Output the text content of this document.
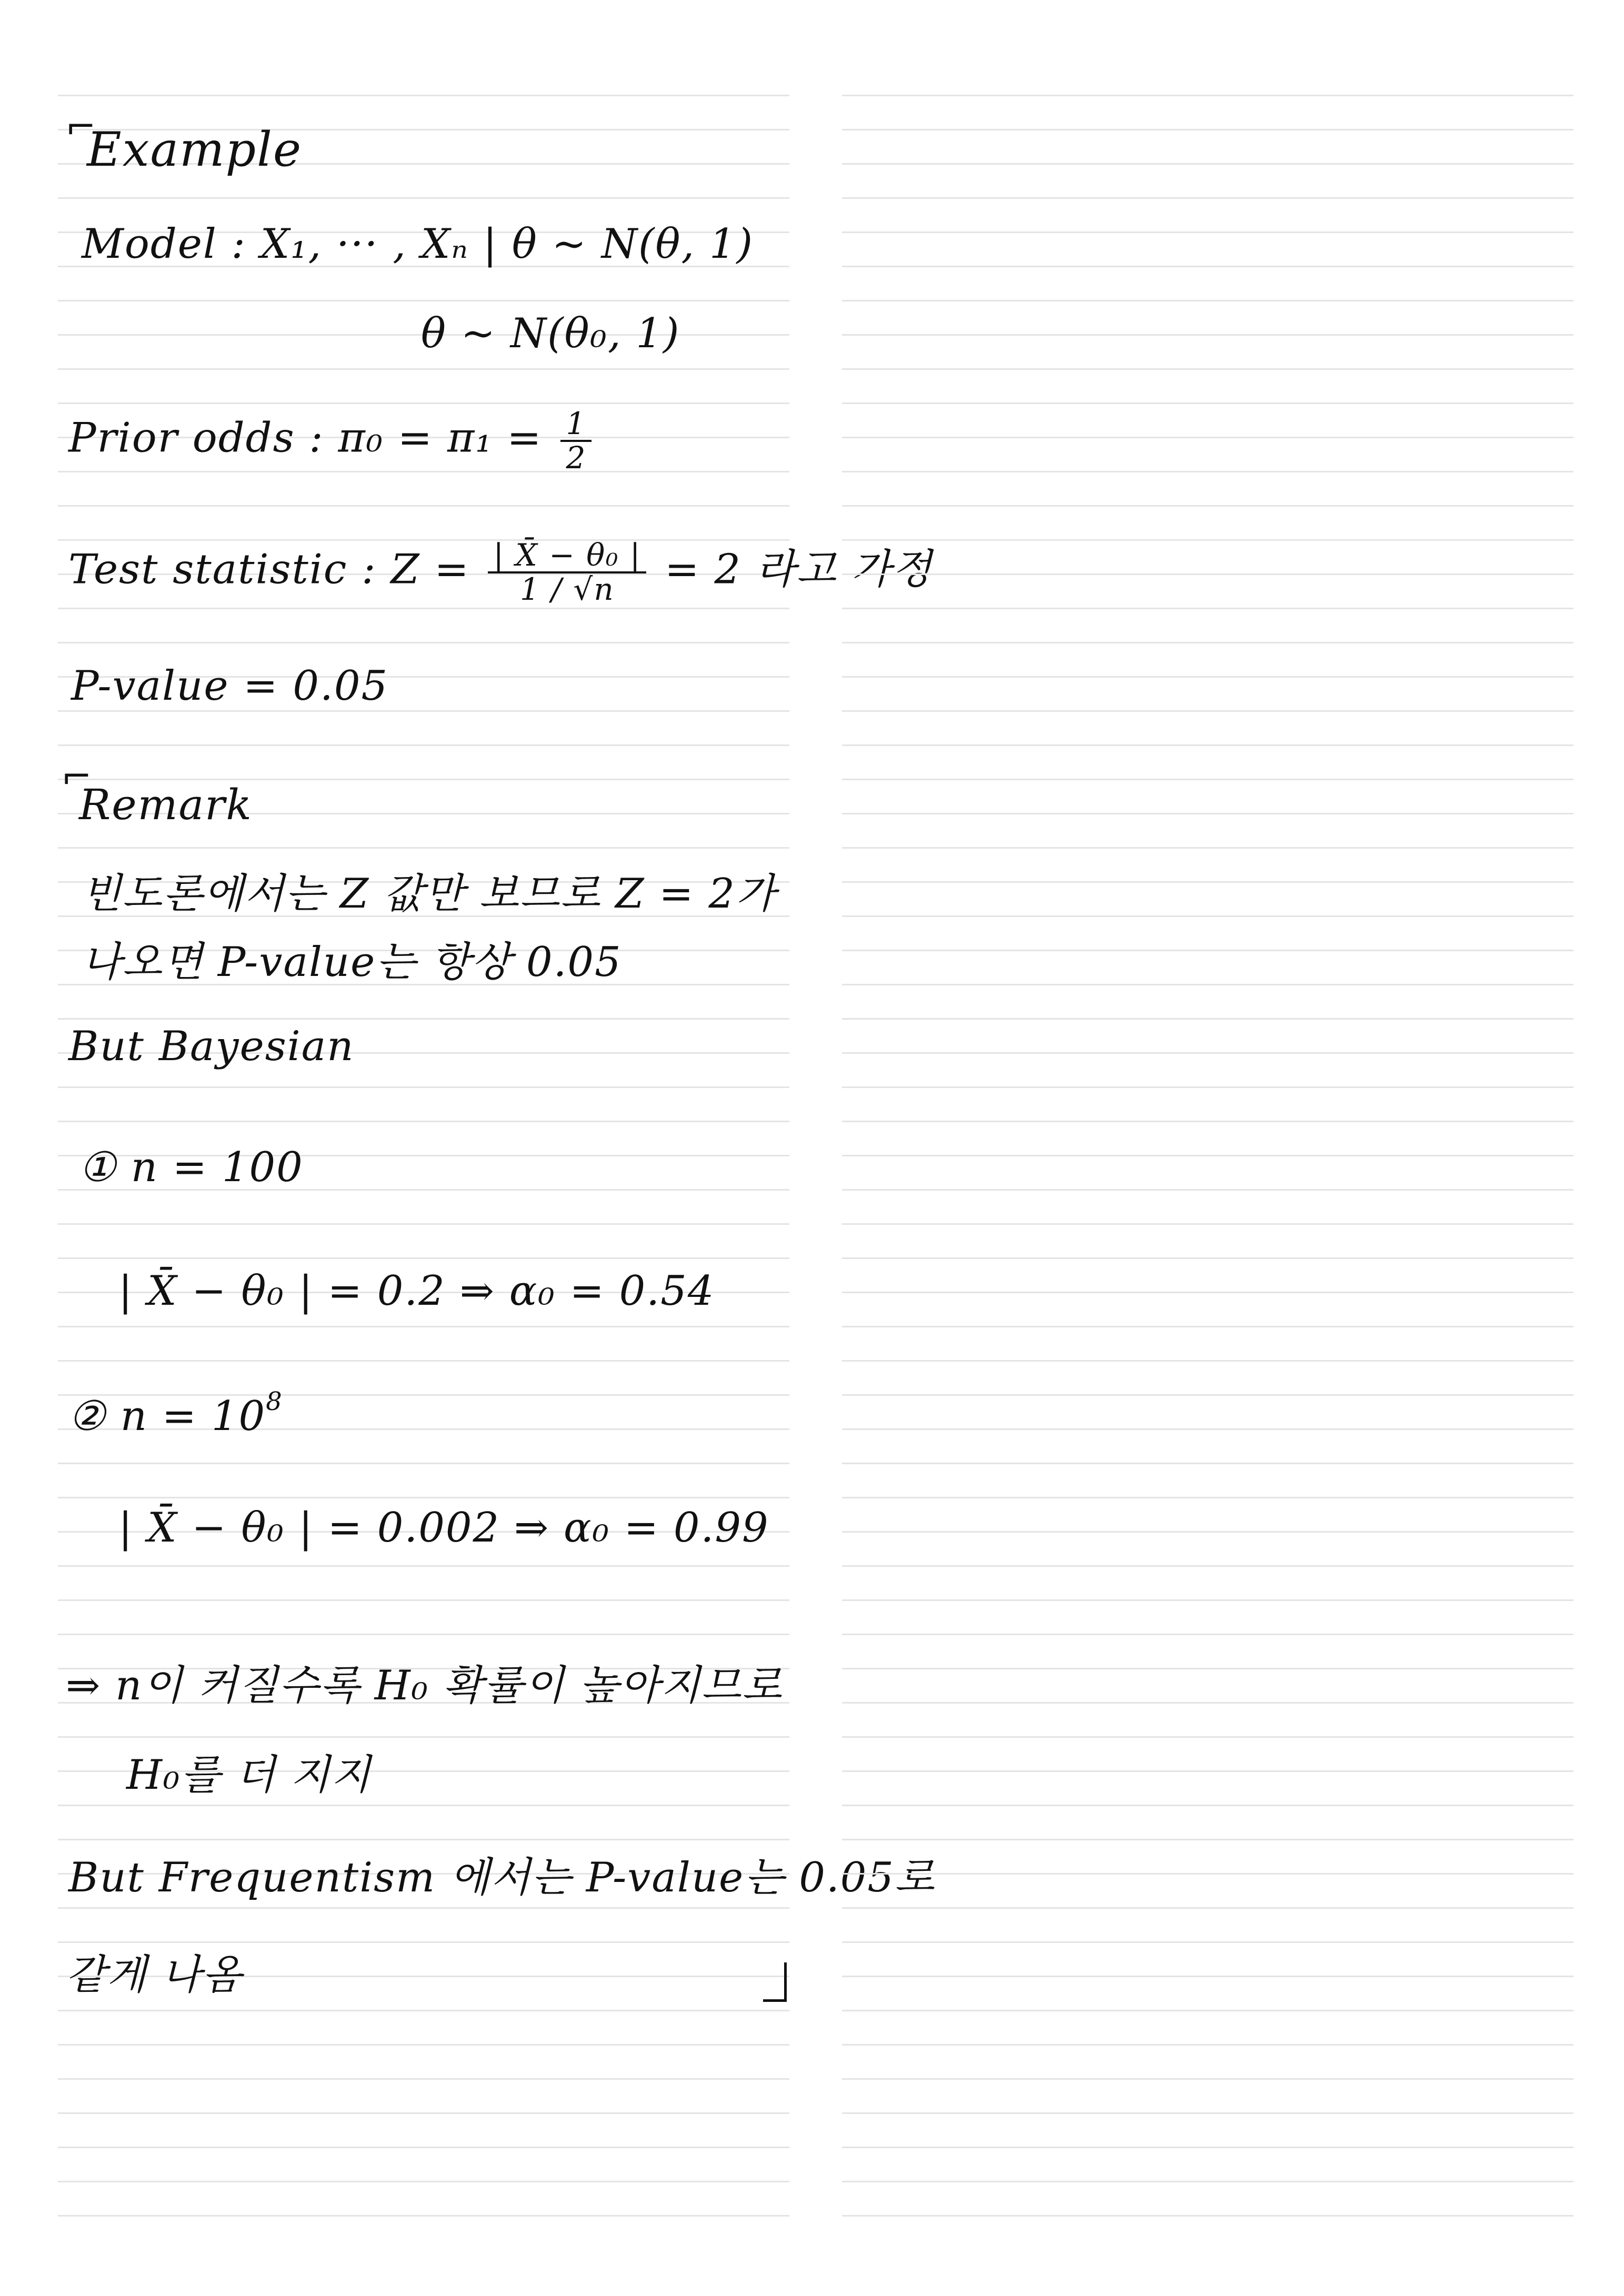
⌐
Example
Model : X₁, ··· , Xₙ | θ ~ N(θ, 1)
θ ~ N(θ₀, 1)
Prior odds : $\pi_0 = \pi_1 = \frac{1}{2}$
Test statistic : $Z = \frac{\text{| X̄ − θ₀ |}}{1 / √n} = 2$ 라고 가정
P-value = 0.05
⌐
Remark
빈도론에서는 Z 값만 보므로 Z = 2가
나오면 P-value는 항상 0.05
But Bayesian
① n = 100
| X̄ − θ₀ | = 0.2 ⇒ α₀ = 0.54
② $n = 10^8$
| X̄ − θ₀ | = 0.002 ⇒ α₀ = 0.99
⇒ n이 커질수록 H₀ 확률이 높아지므로
H₀를 더 지지
But Frequentism 에서는 P-value는 0.05로
같게 나옴
